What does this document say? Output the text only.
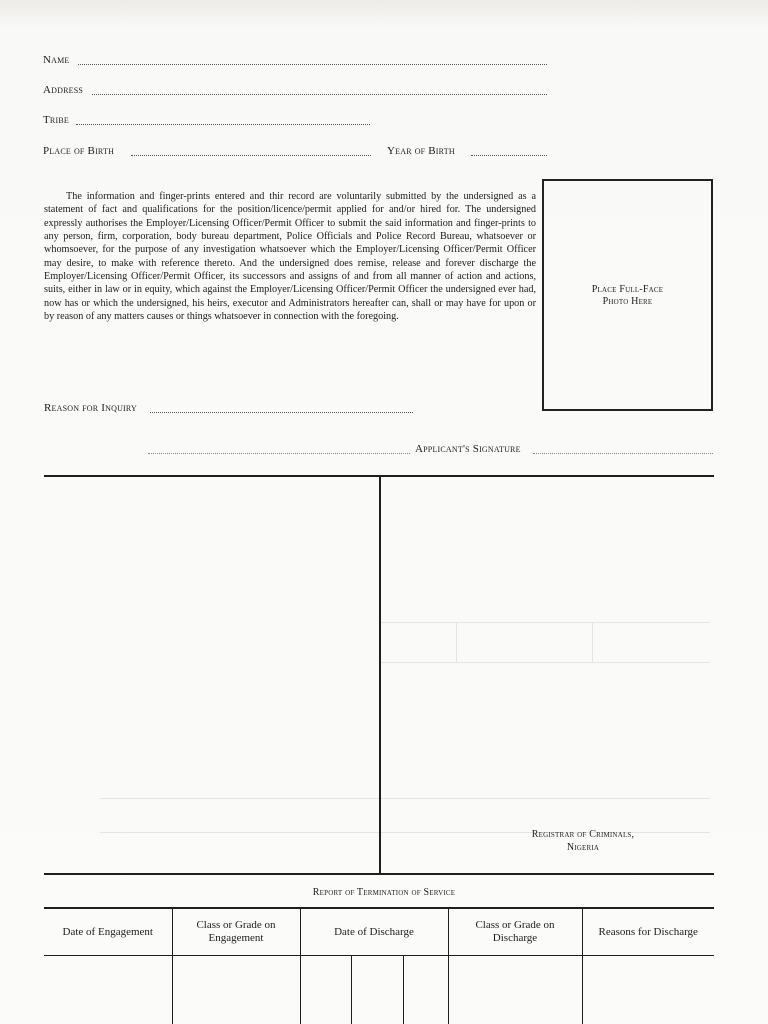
Name
Address
Tribe
Place of Birth	Year of Birth
The information and finger-prints entered and thir record are voluntarily submitted by the undersigned as a statement of fact and qualifications for the position/licence/permit applied for and/or hired for. The undersigned expressly authorises the Employer/Licensing Officer/Permit Officer to submit the said information and finger-prints to any person, firm, corporation, body bureau department, Police Officials and Police Record Bureau, whatsoever or whomsoever, for the purpose of any investigation whatsoever which the Employer/Licensing Officer/Permit Officer may desire, to make with reference thereto. And the undersigned does remise, release and forever discharge the Employer/Licensing Officer/Permit Officer, its successors and assigns of and from all manner of action and actions, suits, either in law or in equity, which against the Employer/Licensing Officer/Permit Officer the undersigned ever had, now has or which the undersigned, his heirs, executor and Administrators hereafter can, shall or may have for upon or by reason of any matters causes or things whatsoever in connection with the foregoing.
Place Full-Face
Photo Here
Reason for Inquiry
Applicant's Signature
Registrar of Criminals,
Nigeria
Report of Termination of Service
Date of Engagement	Class or Grade on Engagement	Date of Discharge	Class or Grade on Discharge	Reasons for Discharge
